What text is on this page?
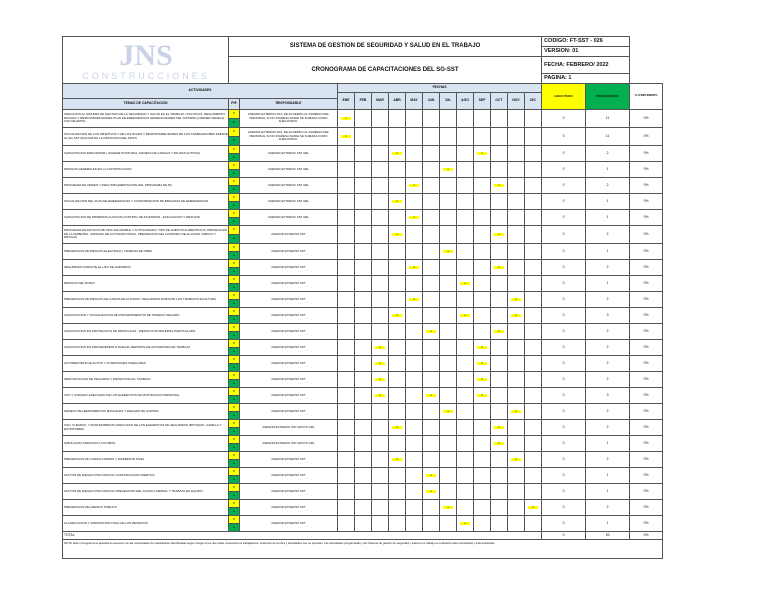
JNS
CONSTRUCCIONES	SISTEMA DE GESTION DE SEGURIDAD Y SALUD EN EL TRABAJO														CODIGO: FT-SST - 026		
															VERSION: 01		
	CRONOGRAMA DE CAPACITACIONES DEL SG-SST														FECHA: FEBRERO/ 2022		
															PAGINA: 1		
ACTIVIDADES			FECHAS												EJECUTADO	PROGRAMADO	% CUMPLIMIENTO
			ENE	FEB	MAR	ABR	MAY	JUN	JUL	AGO	SEP	OCT	NOV	DIC			
TEMAS DE CAPACITACION	P/E	RESPONSABLE															
INDUCCION AL SISTEMA DE GESTION DE LA SEGURIDAD Y SALUD EN EL TRABAJO ( POLITICAS, REGLAMENTO ROGLES Y RESPONSABILIDADES PLAN DE EMERGENCIAS GENERALIDADES DEL SISTEMA (CONDEP CEDELA) USO DE EPPS)	P	ASESOR EXTERNO SST, DE ACUERDO AL INGRESO DEL PERSONAL SI NO INGRESA NADIE SE SUMARA COMO EJECUTADO.	1												0	11	0%
	E																
SOCIALIZACION DE LOS OBJETIVOS Y DE LOS ROLES Y RESPONSABILIDADES DE LOS TRABAJADORES FRENTE AL SG-SST (INCLUIR EN LA INDUCCION DEL SOST)	P	ASESOR EXTERNO SST, DE ACUERDO AL INGRESO DEL PERSONAL SI NO INGRESA NADIE SE SUMARA COMO EJECUTADO.	1												0	11	0%
	E																
CAPACITACION ERGONOMIA ( HIGIENE POSTURAL, MANEJO DE CARGAS Y PAUSAS ACTIVAS)	P	ASESOR EXTERNO SST ARL				1					1				0	2	0%
	E																
RIESGOS GENERALES EN LA CONSTRUCCION	P	ASESOR EXTERNO SST ARL							1						0	1	0%
	E																
PROGRAMA DE ORDEN Y ASEO IMPLEMENTACION DEL PROGRAMA DE 5S	P	ASESOR EXTERNO SST ARL					1					1			0	2	0%
	E																
SOCIALIZACION DEL PLAN DE EMERGENCIAS Y CONFORMACION DE BRIGADAS DE EMERGENCIAS	P	ASESOR EXTERNO SST ARL				1									0	1	0%
	E																
CAPACITACION DE PRIMEROS AUXILIOS,CONTROL DE INCENDIOS , EVACUACION Y RESCATE	P	ASESOR EXTERNO SST ARL					1								0	1	0%
	E																
PROGRAMA DE ESTILOS DE VIDA SALUDABLE Y AUTOCUIDADO: TIPS DE HABITOS ALIMENTICIOS, PREVENCION DE LA DIABETES, JORNADA DE ACTIVIDAD FISICA, PREVENCION DEL CONSUMO DE ALCOHOL TABACO Y DROGAS	P	ASESOR EXTERNO SST				1						1			0	2	0%
	E																
PREVENCION DE RIESGOS ELECTRICO ( TRABAJO DE OBRA	P	ASESOR EXTERNO SST							1						0	1	0%
	E																
SEGURIDAD DURANTE EL USO DE ANDAMIOS	P	ASESOR EXTERNO SST					1					1			0	2	0%
	E																
RIESGOS DEL RUIDO	P	ASESOR EXTERNO SST								1					0	1	0%
	E																
PREVENCION DE RIESGOS DE CAIDAS DE ALTURAS / SEGURIDAD DURANTE LOS TRABAJOS EN ALTURA	P	ASESOR EXTERNO SST					1						1		0	2	0%
	E																
CAPACITACION Y SOCIALIZACION DE PROCEDIMIENTOS DE TRABAJO SEGURO	P	ASESOR EXTERNO SST				1				1			1		0	3	0%
	E																
CAPACITACION EN PROTECCION DE PARTICULAS , RIESGO POR MATERIAL PARTICULADO	P	ASESOR EXTERNO SST						1				1			0	2	0%
	E																
CAPACITACION EN PROCEDIMIENTO PARA EL REPORTE DE ACCIDENTES DE TRABAJO	P	ASESOR EXTERNO SST			1						1				0	2	0%
	E																
AUTOREPORTE DE ACTOS Y CONDICIONES INSEGURAS	P	ASESOR EXTERNO SST			1						1				0	2	0%
	E																
IDENTIFICACION DE PELIGROS Y RIESGOS EN EL TRABAJO	P	ASESOR EXTERNO SST			1						1				0	2	0%
	E																
USO Y CUIDADO ADECUADO DE LOS ELEMENTOS DE PROTECCION PERSONAL	P	ASESOR EXTERNO SST			1			1			1				0	3	0%
	E																
MANEJO DE HERRAMIENTAS MANUALES Y PELIGRO DE CORTES	P	ASESOR EXTERNO SST							1				1		0	2	0%
	E																
USO, CUIDADO, Y MANTENIMIENTO ADECUADO DE LOS ELEMENTOS DE SEGURIDAD (BOTIQUIN, CAMILLA Y EXTINTORES)	P	ASESOR EXTERNO SST APOYO ARL				1						1			0	2	0%
	E																
SIMULACRO ATENCION A VICTIMAS	P	ASESOR EXTERNO SST APOYO ARL										1			0	1	0%
	E																
PREVENCION DE CAIDAS A MISMO Y DIFERENTE NIVEL	P	ASESOR EXTERNO SST				1							1		0	2	0%
	E																
FACTOR DE RIESGO PSICOSOCIAL COMUNICACION ASERTIVA	P	ASESOR EXTERNO SST						1							0	1	0%
	E																
FACTOR DE RIESGO PSICOSOCIAL PREVENCION DEL ACOSO LABORAL Y TRABAJO EN EQUIPO	P	ASESOR EXTERNO SST						1							0	1	0%
	E																
PREVENCION DEL RIESGO PUBLICO	P	ASESOR EXTERNO SST							1					1	0	2	0%
	E																
CLASIFICACION Y DISPOSICION FINAL DE LOS RESIDUOS	P	ASESOR EXTERNO SST								1					0	1	0%
	E																
TOTAL															0	53	0%
NOTA: Este cronograma se ajustará de acuerdo con las necesidades de capacitación identificadas según riesgos a los que están expuestos los trabajadores, inducción de la obra y actividades que se ejecutan. Las actividades programadas y del Sistema de gestión de seguridad y salud en el trabajo se evaluarán para contratistas y subcontratistas																	
